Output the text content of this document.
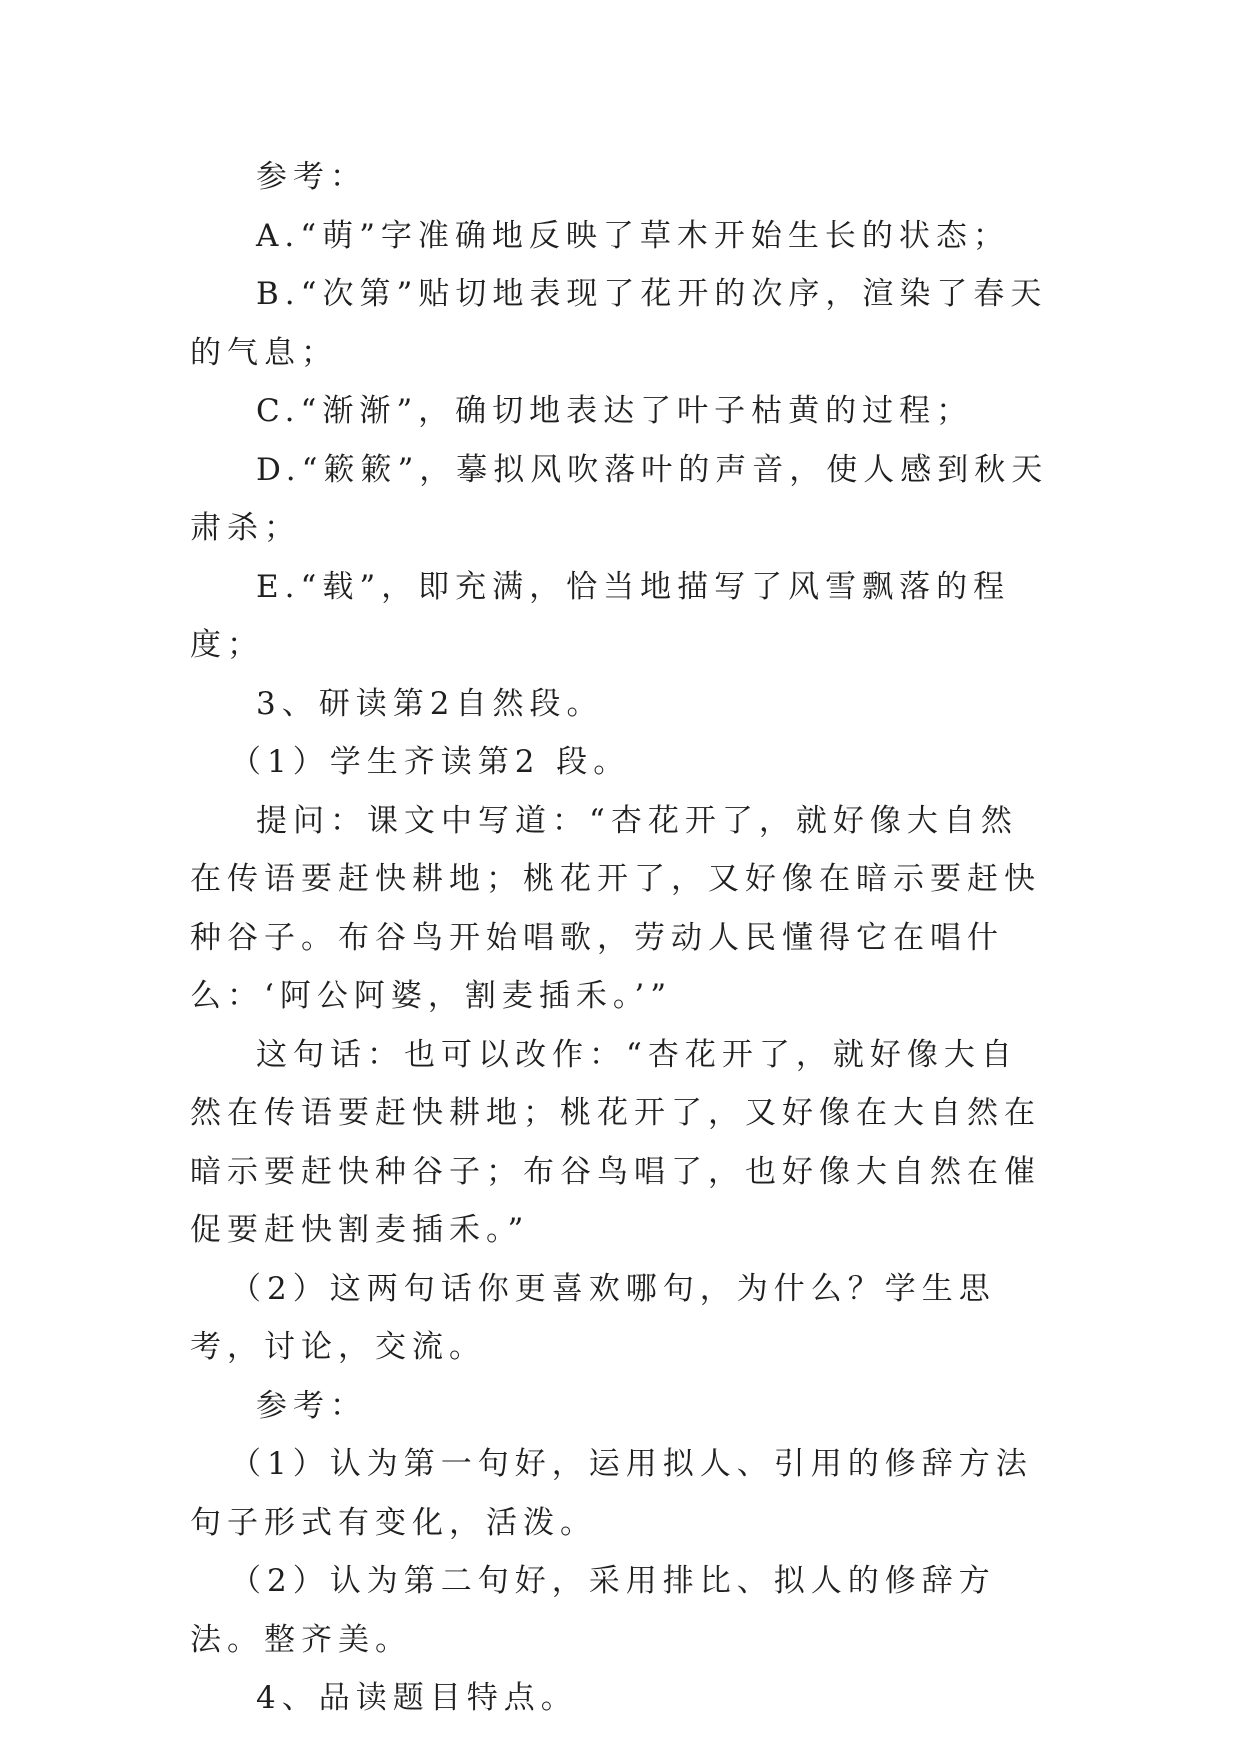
参考：

A.“萌”字准确地反映了草木开始生长的状态；

B.“次第”贴切地表现了花开的次序，渲染了春天的气息；

C.“渐渐”，确切地表达了叶子枯黄的过程；

D.“簌簌”，摹拟风吹落叶的声音，使人感到秋天肃杀；

E.“载”，即充满，恰当地描写了风雪飘落的程度；

3、研读第2自然段。

（1）学生齐读第2 段。

提问：课文中写道：“杏花开了，就好像大自然在传语要赶快耕地；桃花开了，又好像在暗示要赶快种谷子。布谷鸟开始唱歌，劳动人民懂得它在唱什么：‘阿公阿婆，割麦插禾。’”

这句话：也可以改作：“杏花开了，就好像大自然在传语要赶快耕地；桃花开了，又好像在大自然在暗示要赶快种谷子；布谷鸟唱了，也好像大自然在催促要赶快割麦插禾。”

（2）这两句话你更喜欢哪句，为什么？学生思考，讨论，交流。

参考：

（1）认为第一句好，运用拟人、引用的修辞方法句子形式有变化，活泼。

（2）认为第二句好，采用排比、拟人的修辞方法。整齐美。

4、品读题目特点。
